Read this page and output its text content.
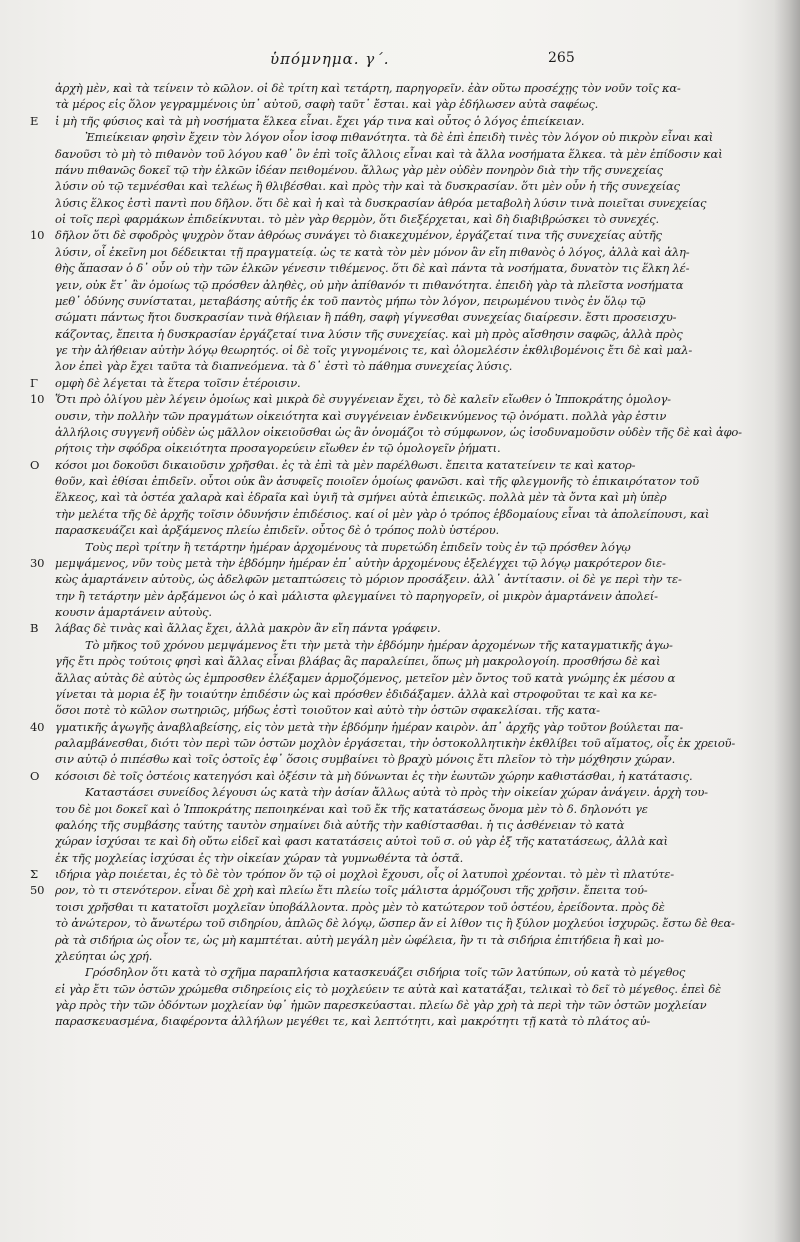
ὑπόμνημα. γ΄.	265
ἀρχὴ μὲν, καὶ τὰ τείνειν τὸ κῶλον. οἱ δὲ τρίτη καὶ τετάρτη, παρηγορεῖν. ἐὰν οὕτω προσέχῃς τὸν νοῦν τοῖς κα-
τὰ μέρος εἰς ὅλον γεγραμμένοις ὑπ᾽ αὐτοῦ, σαφὴ ταῦτ᾽ ἔσται. καὶ γὰρ ἐδήλωσεν αὐτὰ σαφέως.
Ε	ἱ μὴ τῆς φύσιος καὶ τὰ μὴ νοσήματα ἕλκεα εἶναι. ἔχει γάρ τινα καὶ οὗτος ὁ λόγος ἐπιείκειαν.
Ἐπιείκειαν φησὶν ἔχειν τὸν λόγον οἷον ἰσοφ πιθανότητα. τὰ δὲ ἐπὶ ἐπειδὴ τινὲς τὸν λόγον οὐ πικρὸν εἶναι καὶ
δανοῦσι τὸ μὴ τὸ πιθανὸν τοῦ λόγου καθ᾽ ὃν ἐπὶ τοῖς ἄλλοις εἶναι καὶ τὰ ἄλλα νοσήματα ἕλκεα. τὰ μὲν ἐπίδοσιν καὶ
πάνυ πιθανῶς δοκεῖ τῷ τὴν ἑλκῶν ἰδέαν πειθομένου. ἄλλως γὰρ μὲν οὐδὲν πονηρὸν διὰ τὴν τῆς συνεχείας
λύσιν οὐ τῷ τεμνέσθαι καὶ τελέως ἢ θλιβέσθαι. καὶ πρὸς τὴν καὶ τὰ δυσκρασίαν. ὅτι μὲν οὖν ἡ τῆς συνεχείας
λύσις ἕλκος ἐστὶ παντὶ που δῆλον. ὅτι δὲ καὶ ἡ καὶ τὰ δυσκρασίαν ἀθρόα μεταβολὴ λύσιν τινὰ ποιεῖται συνεχείας
οἱ τοῖς περὶ φαρμάκων ἐπιδείκνυται. τὸ μὲν γὰρ θερμὸν, ὅτι διεξέρχεται, καὶ δὴ διαβιβρώσκει τὸ συνεχές.
10 δῆλον ὅτι δὲ σφοδρὸς ψυχρὸν ὅταν ἀθρόως συνάγει τὸ διακεχυμένον, ἐργάζεταί τινα τῆς συνεχείας αὐτῆς
λύσιν, οἷ ἐκεῖνη μοι δέδεικται τῇ πραγματείᾳ. ὡς τε κατὰ τὸν μὲν μόνον ἂν εἴη πιθανὸς ὁ λόγος, ἀλλὰ καὶ ἀλη-
θὴς ἅπασαν ὁ δ᾽ οὖν οὐ τὴν τῶν ἑλκῶν γένεσιν τιθέμενος. ὅτι δὲ καὶ πάντα τὰ νοσήματα, δυνατὸν τις ἕλκη λέ-
γειν, οὐκ ἔτ᾽ ἂν ὁμοίως τῷ πρόσθεν ἀληθὲς, οὐ μὴν ἀπίθανόν τι πιθανότητα. ἐπειδὴ γὰρ τὰ πλεῖστα νοσήματα
μεθ᾽ ὁδύνης συνίσταται, μεταβάσης αὐτῆς ἐκ τοῦ παντὸς μήπω τὸν λόγον, πειρωμένου τινὸς ἐν ὅλῳ τῷ
σώματι πάντως ἤτοι δυσκρασίαν τινὰ θήλειαν ἢ πάθη, σαφὴ γίγνεσθαι συνεχείας διαίρεσιν. ἔστι προσεισχυ-
κάζοντας, ἔπειτα ἡ δυσκρασίαν ἐργάζεταί τινα λύσιν τῆς συνεχείας. καὶ μὴ πρὸς αἴσθησιν σαφῶς, ἀλλὰ πρὸς
γε τὴν ἀλήθειαν αὐτὴν λόγῳ θεωρητός. οἱ δὲ τοῖς γιγνομένοις τε, καὶ ὁλομελέσιν ἐκθλιβομένοις ἔτι δὲ καὶ μαλ-
λον ἐπεὶ γὰρ ἔχει ταῦτα τὰ διαπνεόμενα. τὰ δ᾽ ἐστὶ τὸ πάθημα συνεχείας λύσις.
Γ	ομφὴ δὲ λέγεται τὰ ἕτερα τοῖσιν ἑτέροισιν.
10 Ὅτι πρὸ ὀλίγου μὲν λέγειν ὁμοίως καὶ μικρὰ δὲ συγγένειαν ἔχει, τὸ δὲ καλεῖν εἴωθεν ὁ Ἱπποκράτης ὁμολογ-
ουσιν, τὴν πολλὴν τῶν πραγμάτων οἰκειότητα καὶ συγγένειαν ἐνδεικνύμενος τῷ ὀνόματι. πολλὰ γὰρ ἐστιν
ἀλλήλοις συγγενῆ οὐδὲν ὡς μᾶλλον οἰκειοῦσθαι ὡς ἂν ὀνομάζοι τὸ σύμφωνον, ὡς ἰσοδυναμοῦσιν οὐδὲν τῆς δὲ καὶ ἀφο-
ρήτοις τὴν σφόδρα οἰκειότητα προσαγορεύειν εἴωθεν ἐν τῷ ὁμολογεῖν ῥήματι.
Ο	κόσοι μοι δοκοῦσι δικαιοῦσιν χρῆσθαι. ἐς τὰ ἐπὶ τὰ μὲν παρέλθωσι. ἔπειτα κατατείνειν τε καὶ κατορ-
θοῦν, καὶ ἐθίσαι ἐπιδεῖν. οὗτοι οὐκ ἂν ἀσυφεῖς ποιοῖεν ὁμοίως φανῶσι. καὶ τῆς φλεγμονῆς τὸ ἐπικαιρότατον τοῦ
ἕλκεος, καὶ τὰ ὀστέα χαλαρὰ καὶ ἑδραῖα καὶ ὑγιῆ τὰ σμήνει αὐτὰ ἐπιεικῶς. πολλὰ μὲν τὰ ὄντα καὶ μὴ ὑπὲρ
τὴν μελέτα τῆς δὲ ἀρχῆς τοῖσιν ὀδυνήσιν ἐπιδέσιος. καί οἱ μὲν γὰρ ὁ τρόπος ἑβδομαίους εἶναι τὰ ἀπολείπουσι, καὶ
παρασκευάζει καὶ ἀρξάμενος πλείω ἐπιδεῖν. οὗτος δὲ ὁ τρόπος πολὺ ὑστέρου.
Τοὺς περὶ τρίτην ἢ τετάρτην ἡμέραν ἀρχομένους τὰ πυρετώδη ἐπιδεῖν τοὺς ἐν τῷ πρόσθεν λόγῳ
30 μεμψάμενος, νῦν τοὺς μετὰ τὴν ἑβδόμην ἡμέραν ἐπ᾽ αὐτὴν ἀρχομένους ἐξελέγχει τῷ λόγῳ μακρότερον διε-
κὼς ἁμαρτάνειν αὐτοὺς, ὡς ἀδελφῶν μεταπτώσεις τὸ μόριον προσάξειν. ἀλλ᾽ ἀντίτασιν. οἱ δὲ γε περὶ τὴν τε-
την ἢ τετάρτην μὲν ἀρξάμενοι ὡς ὁ καὶ μάλιστα φλεγμαίνει τὸ παρηγορεῖν, οἱ μικρὸν ἁμαρτάνειν ἀπολεί-
κουσιν ἁμαρτάνειν αὐτοὺς.
Β	λάβας δὲ τινὰς καὶ ἄλλας ἔχει, ἀλλὰ μακρὸν ἂν εἴη πάντα γράφειν.
Τὸ μῆκος τοῦ χρόνου μεμψάμενος ἔτι τὴν μετὰ τὴν ἑβδόμην ἡμέραν ἀρχομένων τῆς καταγματικῆς ἀγω-
γῆς ἔτι πρὸς τούτοις φησὶ καὶ ἄλλας εἶναι βλάβας ἂς παραλείπει, ὅπως μὴ μακρολογοίη. προσθήσω δὲ καὶ
ἄλλας αὐτὰς δὲ αὐτὸς ὡς ἐμπροσθεν ἐλέξαμεν ἁρμοζόμενος, μετεῖον μὲν ὄντος τοῦ κατὰ γνώμης ἐκ μέσου α
γίνεται τὰ μορια ἐξ ἢν τοιαύτην ἐπιδέσιν ὡς καὶ πρόσθεν ἐδιδάξαμεν. ἀλλὰ καὶ στροφοῦται τε καὶ κα κε-
ὅσοι ποτὲ τὸ κῶλον σωτηριῶς, μήδως ἐστὶ τοιοῦτον καὶ αὐτὸ τὴν ὀστῶν σφακελίσαι. τῆς κατα-
40 γματικῆς ἀγωγῆς ἀναβλαβείσης, εἰς τὸν μετὰ τὴν ἑβδόμην ἡμέραν καιρὸν. ἀπ᾽ ἀρχῆς γὰρ τοῦτον βούλεται πα-
ραλαμβάνεσθαι, διότι τὸν περὶ τῶν ὀστῶν μοχλὸν ἐργάσεται, τὴν ὀστοκολλητικὴν ἐκθλίβει τοῦ αἵματος, οἷς ἐκ χρειοῦ-
σιν αὐτῷ ὁ πιπέσθω καὶ τοῖς ὀστοῖς ἐφ᾽ ὅσοις συμβαίνει τὸ βραχὺ μόνοις ἔτι πλεῖον τὸ τὴν μόχθησιν χώραν.
Ο	κόσοισι δὲ τοῖς ὀστέοις κατεηγόσι καὶ ὀξέσιν τὰ μὴ δύνωνται ἐς τὴν ἑωυτῶν χώρην καθιστάσθαι, ἡ κατάτασις.
Καταστάσει συνείδος λέγουσι ὡς κατὰ τὴν ἀσίαν ἄλλως αὐτὰ τὸ πρὸς τὴν οἰκείαν χώραν ἀνάγειν. ἀρχὴ του-
του δὲ μοι δοκεῖ καὶ ὁ Ἱπποκράτης πεποιηκέναι καὶ τοῦ ἔκ τῆς κατατάσεως ὄνομα μὲν τὸ δ. δηλονότι γε
φαλόης τῆς συμβάσης ταύτης ταυτὸν σημαίνει διὰ αὐτῆς τὴν καθίστασθαι. ἡ τις ἀσθένειαν τὸ κατὰ
χώραν ἰσχύσαι τε καὶ δὴ οὔτω εἰδεῖ καὶ φασι κατατάσεις αὐτοὶ τοῦ σ. οὐ γὰρ ἐξ τῆς κατατάσεως, ἀλλὰ καὶ
ἐκ τῆς μοχλείας ἰσχύσαι ἐς τὴν οἰκείαν χώραν τὰ γυμνωθέντα τὰ ὀστᾶ.
Σ	ιδήρια γὰρ ποιέεται, ἐς τὸ δὲ τὸν τρόπον ὅν τῷ οἱ μοχλοὶ ἔχουσι, οἷς οἱ λατυποὶ χρέονται. τὸ μὲν τὶ πλατύτε-
50 ρον, τὸ τι στενότερον. εἶναι δὲ χρὴ καὶ πλείω ἔτι πλείω τοῖς μάλιστα ἁρμόζουσι τῆς χρῆσιν. ἔπειτα τού-
τοισι χρῆσθαι τι κατατοῖσι μοχλεῖαν ὑποβάλλοντα. πρὸς μὲν τὸ κατώτερον τοῦ ὀστέου, ἐρείδοντα. πρὸς δὲ
τὸ ἀνώτερον, τὸ ἄνωτέρω τοῦ σιδηρίου, ἁπλῶς δὲ λόγῳ, ὥσπερ ἄν εἰ λίθον τις ἢ ξύλον μοχλεύοι ἰσχυρῶς. ἔστω δὲ θεα-
ρὰ τὰ σιδήρια ὡς οἷον τε, ὡς μὴ καμπτέται. αὐτὴ μεγάλη μὲν ὠφέλεια, ἢν τι τὰ σιδήρια ἐπιτήδεια ἢ καὶ μο-
χλεύηται ὡς χρή.
Γρόσδηλον ὅτι κατὰ τὸ σχῆμα παραπλήσια κατασκευάζει σιδήρια τοῖς τῶν λατύπων, οὐ κατὰ τὸ μέγεθος
εἰ γὰρ ἔτι τῶν ὀστῶν χρώμεθα σιδηρείοις εἰς τὸ μοχλεύειν τε αὐτὰ καὶ κατατάξαι, τελικαὶ τὸ δεῖ τὸ μέγεθος. ἐπεὶ δὲ
γὰρ πρὸς τὴν τῶν ὀδόντων μοχλείαν ὑφ᾽ ἡμῶν παρεσκεύασται. πλείω δὲ γὰρ χρὴ τὰ περὶ τὴν τῶν ὀστῶν μοχλείαν
παρασκευασμένα, διαφέροντα ἀλλήλων μεγέθει τε, καὶ λεπτότητι, καὶ μακρότητι τῇ κατὰ τὸ πλάτος αὐ-
